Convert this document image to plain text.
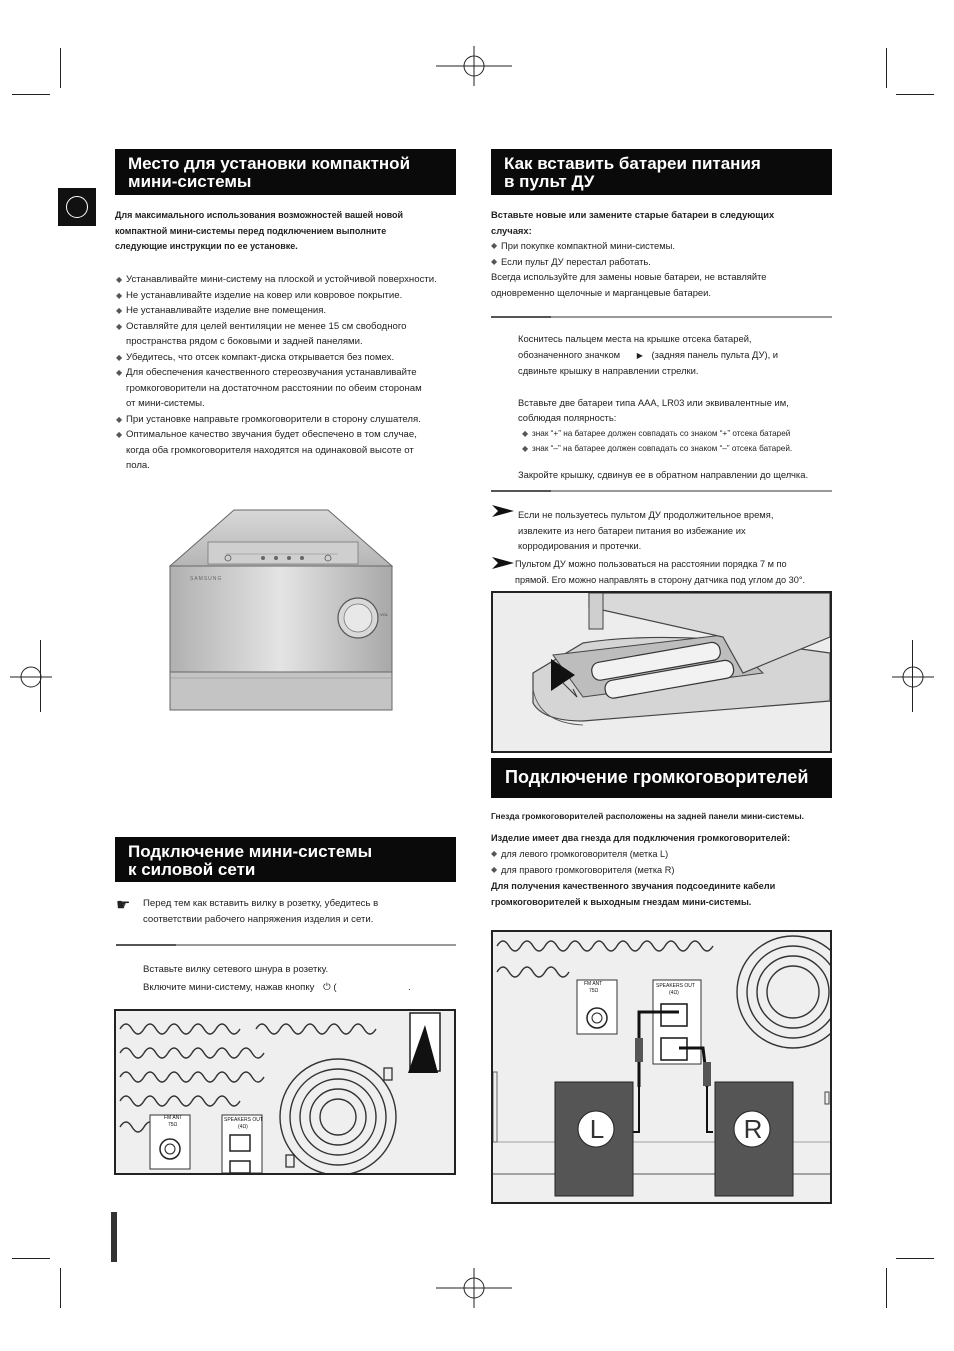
Место для установки компактной
мини-системы
Для максимального использования возможностей вашей новой
компактной мини-системы перед подключением выполните
следующие инструкции по ее установке.
◆ Устанавливайте мини-систему на плоской и устойчивой поверхности.
◆ Не устанавливайте изделие на ковер или ковровое покрытие.
◆ Не устанавливайте изделие вне помещения.
◆ Оставляйте для целей вентиляции не менее 15 см свободного
пространства рядом с боковыми и задней панелями.
◆ Убедитесь, что отсек компакт-диска открывается без помех.
◆ Для обеспечения качественного стереозвучания устанавливайте
громкоговорители на достаточном расстоянии по обеим сторонам
от мини-системы.
◆ При установке направьте громкоговорители в сторону слушателя.
◆ Оптимальное качество звучания будет обеспечено в том случае,
когда оба громкоговорителя находятся на одинаковой высоте от
пола.
SAMSUNG
VOL
Подключение мини-системы
к силовой сети
☛ Перед тем как вставить вилку в розетку, убедитесь в
соответствии рабочего напряжения изделия и сети.
Вставьте вилку сетевого шнура в розетку.
Включите мини-систему, нажав кнопку ⏻ (	.
FM ANT
75Ω
SPEAKERS OUT
(4Ω)
Как вставить батареи питания
в пульт ДУ
Вставьте новые или замените старые батареи в следующих
случаях:
◆ При покупке компактной мини-системы.
◆ Если пульт ДУ перестал работать.
Всегда используйте для замены новые батареи, не вставляйте
одновременно щелочные и марганцевые батареи.
Коснитесь пальцем места на крышке отсека батарей,
обозначенного значком ▶ (задняя панель пульта ДУ), и
сдвиньте крышку в направлении стрелки.
Вставьте две батареи типа AAA, LR03 или эквивалентные им,
соблюдая полярность:
◆ знак “+” на батарее должен совпадать со знаком “+” отсека батарей
◆ знак “–” на батарее должен совпадать со знаком “–” отсека батарей.
Закройте крышку, сдвинув ее в обратном направлении до щелчка.
Если не пользуетесь пультом ДУ продолжительное время,
извлеките из него батареи питания во избежание их
корродирования и протечки.
Пультом ДУ можно пользоваться на расстоянии порядка 7 м по
прямой. Его можно направлять в сторону датчика под углом до 30°.
Подключение громкоговорителей
Гнезда громкоговорителей расположены на задней панели мини-системы.
Изделие имеет два гнезда для подключения громкоговорителей:
◆ для левого громкоговорителя (метка L)
◆ для правого громкоговорителя (метка R)
Для получения качественного звучания подсоедините кабели
громкоговорителей к выходным гнездам мини-системы.
FM ANT
75Ω
SPEAKERS OUT
(4Ω)
L	R
